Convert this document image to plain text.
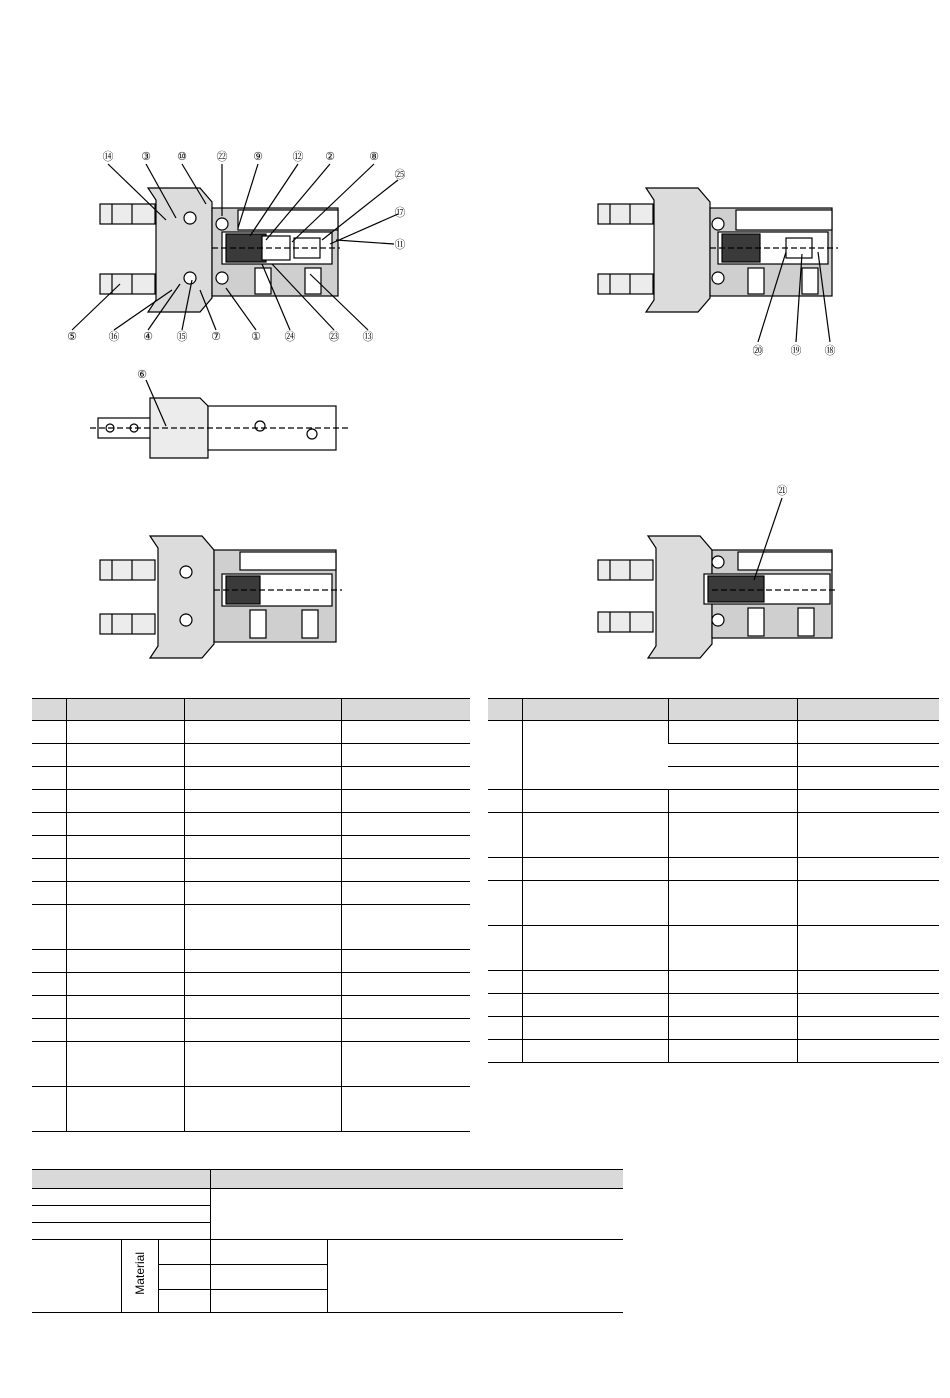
⑭	③ ⑩	㉒ ⑨	⑫ ②	⑧
㉕
⑰
⑪
⑤	⑯ ④ ⑮ ⑦	① ㉔	㉓ ⑬
⑳ ⑲ ⑱
⑥
㉑

	Material			
